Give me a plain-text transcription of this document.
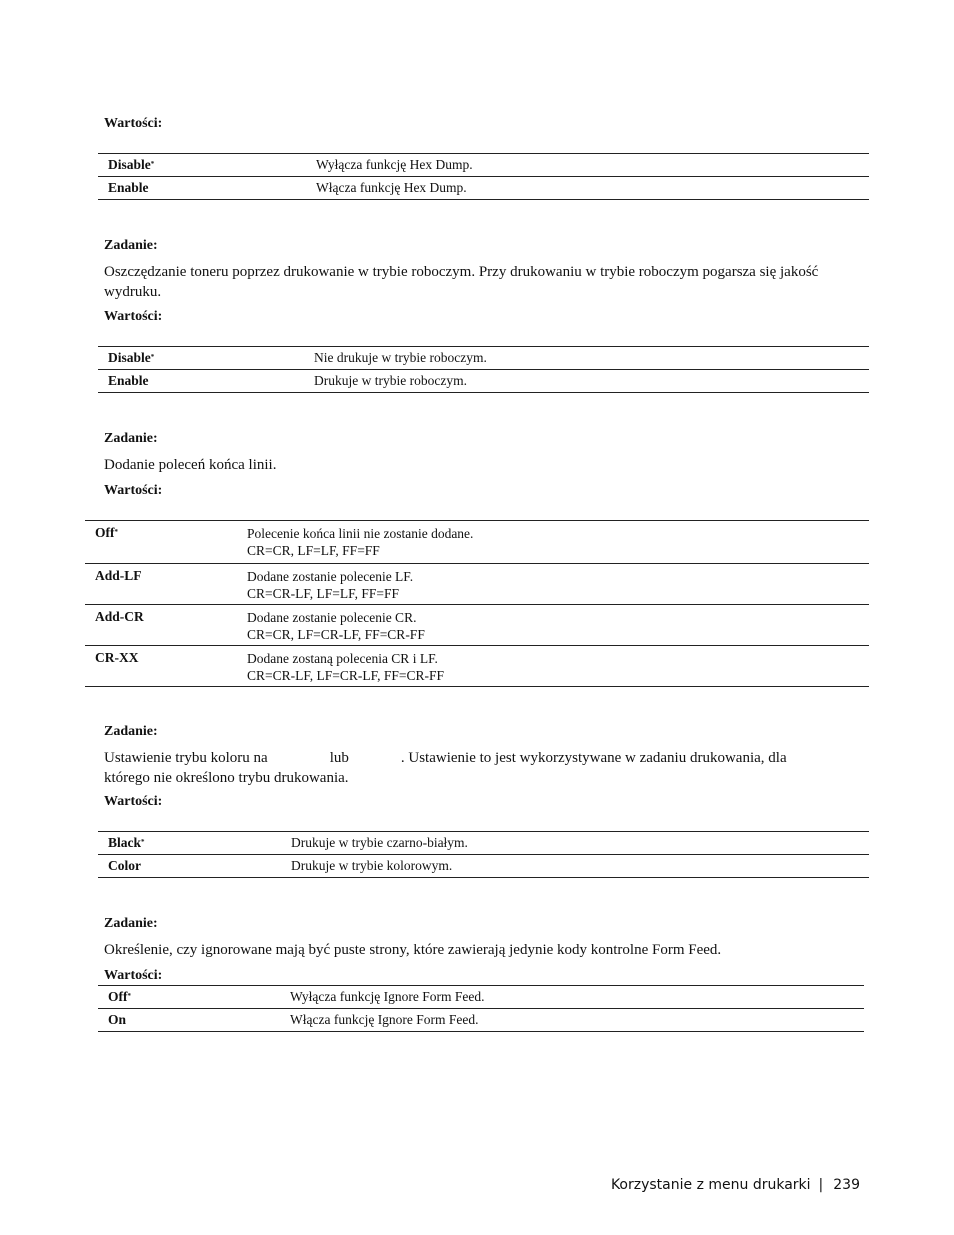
Wartości:
Disable*	Wyłącza funkcję Hex Dump.
Enable	Włącza funkcję Hex Dump.
Zadanie:
Oszczędzanie toneru poprzez drukowanie w trybie roboczym. Przy drukowaniu w trybie roboczym pogarsza się jakość wydruku.
Wartości:
Disable*	Nie drukuje w trybie roboczym.
Enable	Drukuje w trybie roboczym.
Zadanie:
Dodanie poleceń końca linii.
Wartości:
Off*	Polecenie końca linii nie zostanie dodane.
CR=CR, LF=LF, FF=FF

Add-LF	Dodane zostanie polecenie LF.
CR=CR-LF, LF=LF, FF=FF

Add-CR	Dodane zostanie polecenie CR.
CR=CR, LF=CR-LF, FF=CR-FF

CR-XX	Dodane zostaną polecenia CR i LF.
CR=CR-LF, LF=CR-LF, FF=CR-FF
Zadanie:
Ustawienie trybu koloru na	lub	. Ustawienie to jest wykorzystywane w zadaniu drukowania, dla
którego nie określono trybu drukowania.
Wartości:
Black*	Drukuje w trybie czarno-białym.
Color	Drukuje w trybie kolorowym.
Zadanie:
Określenie, czy ignorowane mają być puste strony, które zawierają jedynie kody kontrolne Form Feed.
Wartości:
Off*	Wyłącza funkcję Ignore Form Feed.
On	Włącza funkcję Ignore Form Feed.
Korzystanie z menu drukarki | 239
